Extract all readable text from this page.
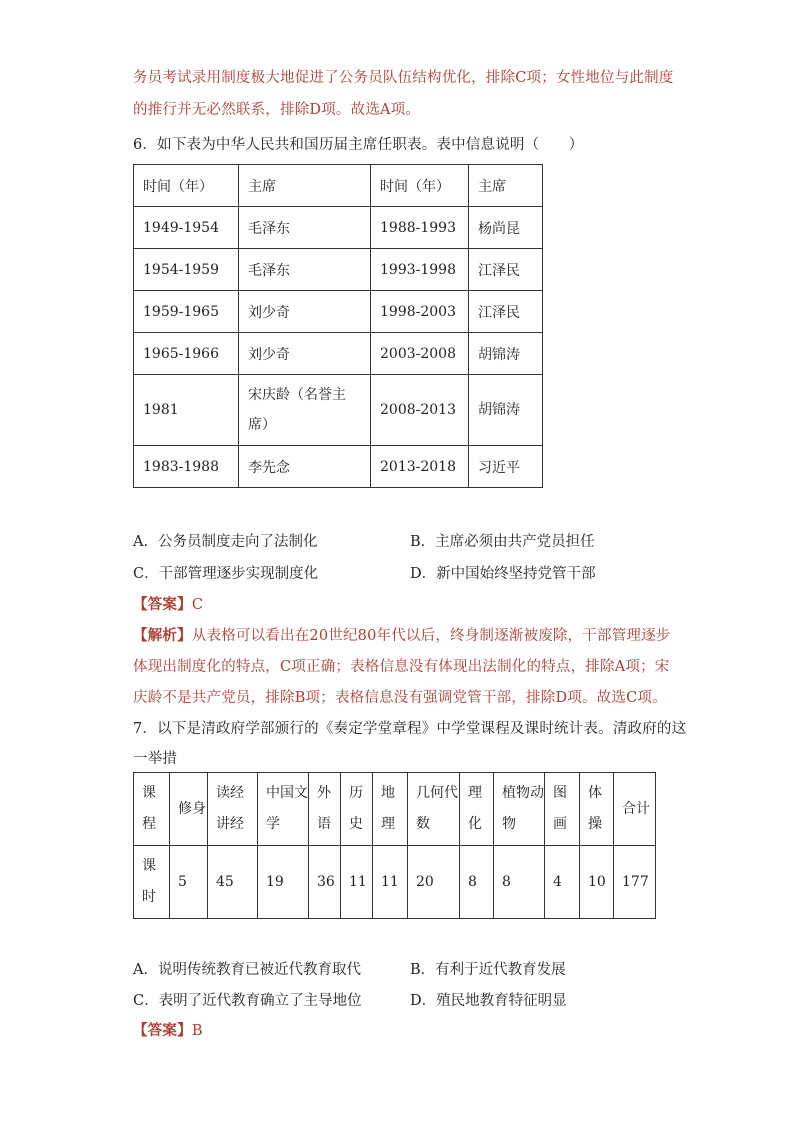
务员考试录用制度极大地促进了公务员队伍结构优化，排除C项；女性地位与此制度
的推行并无必然联系，排除D项。故选A项。
6．如下表为中华人民共和国历届主席任职表。表中信息说明（　　）
时间（年）	主席	时间（年）	主席
1949-1954	毛泽东	1988-1993	杨尚昆
1954-1959	毛泽东	1993-1998	江泽民
1959-1965	刘少奇	1998-2003	江泽民
1965-1966	刘少奇	2003-2008	胡锦涛
1981	宋庆龄（名誉主席）	2008-2013	胡锦涛
1983-1988	李先念	2013-2018	习近平
A．公务员制度走向了法制化	B．主席必须由共产党员担任
C．干部管理逐步实现制度化	D．新中国始终坚持党管干部
【答案】C
【解析】从表格可以看出在20世纪80年代以后，终身制逐渐被废除，干部管理逐步
体现出制度化的特点，C项正确；表格信息没有体现出法制化的特点，排除A项；宋
庆龄不是共产党员，排除B项；表格信息没有强调党管干部，排除D项。故选C项。
7．以下是清政府学部颁行的《奏定学堂章程》中学堂课程及课时统计表。清政府的这
一举措
课程	修身	读经讲经	中国文学	外语	历史	地理	几何代数	理化	植物动物	图画	体操	合计
课时	5	45	19	36	11	11	20	8	8	4	10	177
A．说明传统教育已被近代教育取代	B．有利于近代教育发展
C．表明了近代教育确立了主导地位	D．殖民地教育特征明显
【答案】B
